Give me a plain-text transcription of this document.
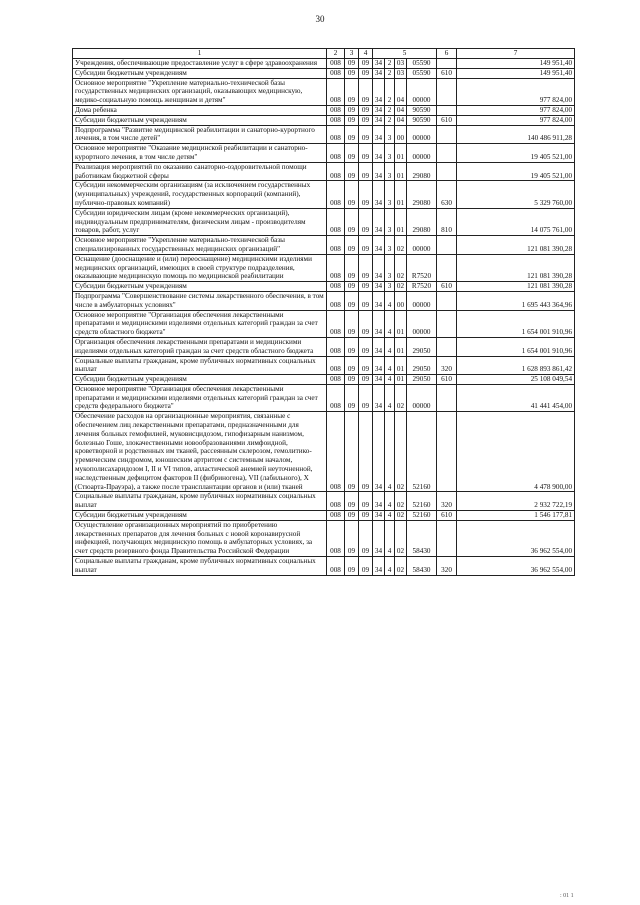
30
1	2	3	4	5				6	7
Учреждения, обеспечивающие предоставление услуг в сфере здравоохранения	008	09	09	34	2	03	05590		149 951,40
Субсидии бюджетным учреждениям	008	09	09	34	2	03	05590	610	149 951,40
Основное мероприятие "Укрепление материально-технической базы государственных медицинских организаций, оказывающих медицинскую, медико-социальную помощь женщинам и детям"	008	09	09	34	2	04	00000		977 824,00
Дома ребенка	008	09	09	34	2	04	90590		977 824,00
Субсидии бюджетным учреждениям	008	09	09	34	2	04	90590	610	977 824,00
Подпрограмма "Развитие медицинской реабилитации и санаторно-курортного лечения, в том числе детей"	008	09	09	34	3	00	00000		140 486 911,28
Основное мероприятие "Оказание медицинской реабилитации и санаторно-курортного лечения, в том числе детям"	008	09	09	34	3	01	00000		19 405 521,00
Реализация мероприятий по оказанию санаторно-оздоровительной помощи работникам бюджетной сферы	008	09	09	34	3	01	29080		19 405 521,00
Субсидии некоммерческим организациям (за исключением государственных (муниципальных) учреждений, государственных корпораций (компаний), публично-правовых компаний)	008	09	09	34	3	01	29080	630	5 329 760,00
Субсидии юридическим лицам (кроме некоммерческих организаций), индивидуальным предпринимателям, физическим лицам - производителям товаров, работ, услуг	008	09	09	34	3	01	29080	810	14 075 761,00
Основное мероприятие "Укрепление материально-технической базы специализированных государственных медицинских организаций"	008	09	09	34	3	02	00000		121 081 390,28
Оснащение (дооснащение и (или) переоснащение) медицинскими изделиями медицинских организаций, имеющих в своей структуре подразделения, оказывающие медицинскую помощь по медицинской реабилитации	008	09	09	34	3	02	R7520		121 081 390,28
Субсидии бюджетным учреждениям	008	09	09	34	3	02	R7520	610	121 081 390,28
Подпрограмма "Совершенствование системы лекарственного обеспечения, в том числе в амбулаторных условиях"	008	09	09	34	4	00	00000		1 695 443 364,96
Основное мероприятие "Организация обеспечения лекарственными препаратами и медицинскими изделиями отдельных категорий граждан за счет средств областного бюджета"	008	09	09	34	4	01	00000		1 654 001 910,96
Организация обеспечения лекарственными препаратами и медицинскими изделиями отдельных категорий граждан за счет средств областного бюджета	008	09	09	34	4	01	29050		1 654 001 910,96
Социальные выплаты гражданам, кроме публичных нормативных социальных выплат	008	09	09	34	4	01	29050	320	1 628 893 861,42
Субсидии бюджетным учреждениям	008	09	09	34	4	01	29050	610	25 108 049,54
Основное мероприятие "Организация обеспечения лекарственными препаратами и медицинскими изделиями отдельных категорий граждан за счет средств федерального бюджета"	008	09	09	34	4	02	00000		41 441 454,00
Обеспечение расходов на организационные мероприятия, связанные с обеспечением лиц лекарственными препаратами, предназначенными для лечения больных гемофилией, муковисцидозом, гипофизарным нанизмом, болезнью Гоше, злокачественными новообразованиями лимфоидной, кроветворной и родственных им тканей, рассеянным склерозом, гемолитико-уремическим синдромом, юношеским артритом с системным началом, мукополисахаридозом I, II и VI типов, апластической анемией неуточненной, наследственным дефицитом факторов II (фибриногена), VII (лабильного), X (Стюарта-Прауэра), а также после трансплантации органов и (или) тканей	008	09	09	34	4	02	52160		4 478 900,00
Социальные выплаты гражданам, кроме публичных нормативных социальных выплат	008	09	09	34	4	02	52160	320	2 932 722,19
Субсидии бюджетным учреждениям	008	09	09	34	4	02	52160	610	1 546 177,81
Осуществление организационных мероприятий по приобретению лекарственных препаратов для лечения больных с новой коронавирусной инфекцией, получающих медицинскую помощь в амбулаторных условиях, за счет средств резервного фонда Правительства Российской Федерации	008	09	09	34	4	02	58430		36 962 554,00
Социальные выплаты гражданам, кроме публичных нормативных социальных выплат	008	09	09	34	4	02	58430	320	36 962 554,00
: 01 1
